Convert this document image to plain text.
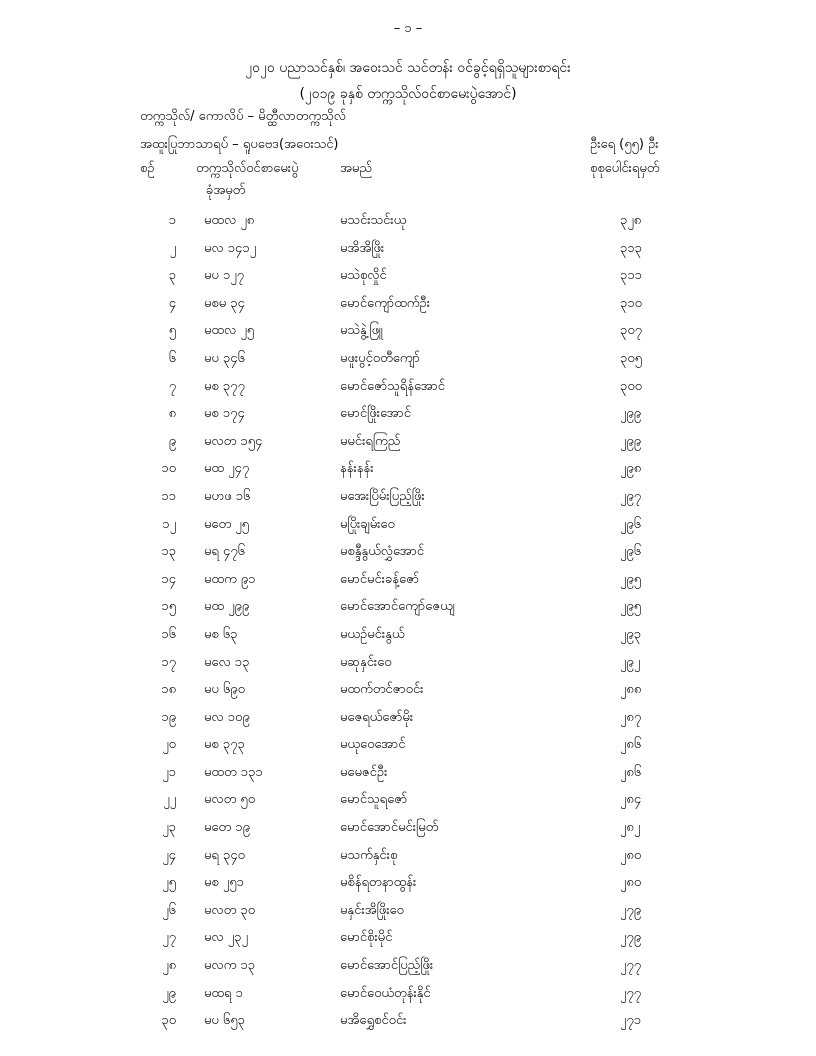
– ၁ –
၂၀၂၀ ပညာသင်နှစ်၊ အဝေးသင် သင်တန်း ဝင်ခွင့်ရရှိသူများစာရင်း
(၂၀၁၉ ခုနှစ် တက္ကသိုလ်ဝင်စာမေးပွဲအောင်)
တက္ကသိုလ်/ ကောလိပ် – မိတ္ထီလာတက္ကသိုလ်
အထူးပြုဘာသာရပ် – ရူပဗေဒ(အဝေးသင်)	ဦးရေ (၅၅) ဦး
စဉ်	တက္ကသိုလ်ဝင်စာမေးပွဲ
ခုံအမှတ်
အမည်	စုစုပေါင်းရမှတ်
၁ မထလ ၂၈	မသင်းသင်းယု	၃၂၈
၂ မလ ၁၄၁၂	မအိအိဖြိုး	၃၁၃
၃ မပ ၁၂၇	မသဲစုလှိုင်	၃၁၁
၄ မစမ ၃၄	မောင်ကျော်ထက်ဦး	၃၁၀
၅ မထလ ၂၅	မသဲနွဲ့ဖြူ	၃၀၇
၆ မပ ၃၄၆	မဖူးပွင့်ဝတီကျော်	၃၀၅
၇ မစ ၃၇၇	မောင်ဇော်သူရိန်အောင်	၃၀၀
၈ မစ ၁၇၄	မောင်ဖြိုးအောင်	၂၉၉
၉ မလတ ၁၅၄	မမင်းရကြည်	၂၉၉
၁၀ မထ ၂၄၇	နန်းနန်း	၂၉၈
၁၁ မဟဖ ၁၆	မအေးပြိမ်းပြည့်ဖြိုး	၂၉၇
၁၂ မတေ ၂၅	မပြိုးချမ်းဝေ	၂၉၆
၁၃ မရ ၄၇၆	မစန္ဒီနွယ်လွှံအောင်	၂၉၆
၁၄ မထက ၉၁	မောင်မင်းခန့်ဇော်	၂၉၅
၁၅ မထ ၂၉၉	မောင်အောင်ကျော်ဇေယျ	၂၉၅
၁၆ မစ ၆၃	မယဉ်မင်းနွယ်	၂၉၃
၁၇ မလေ ၁၃	မဆုနှင်းဝေ	၂၉၂
၁၈ မပ ၆၉၀	မထက်တင်ဇာဝင်း	၂၈၈
၁၉ မလ ၁၀၉	မဇေရယ်ဇော်မိုး	၂၈၇
၂၀ မစ ၃၇၃	မယုဝေအောင်	၂၈၆
၂၁ မထတ ၁၃၁	မမေဇင်ဦး	၂၈၆
၂၂ မလတ ၅၀	မောင်သူရဇော်	၂၈၄
၂၃ မတေ ၁၉	မောင်အောင်မင်းမြတ်	၂၈၂
၂၄ မရ ၃၄၀	မသက်နှင်းစု	၂၈၀
၂၅ မစ ၂၅၁	မစိန်ရတနာထွန်း	၂၈၀
၂၆ မလတ ၃၀	မနှင်းအိဖြိုးဝေ	၂၇၉
၂၇ မလ ၂၃၂	မောင်စိုးမိုင်	၂၇၉
၂၈ မလက ၁၃	မောင်အောင်ပြည့်ဖြိုး	၂၇၇
၂၉ မထရ ၁	မောင်ဝေယံတုန်းနိုင်	၂၇၇
၃၀ မပ ၆၅၃	မအိရွှေစင်ဝင်း	၂၇၁
